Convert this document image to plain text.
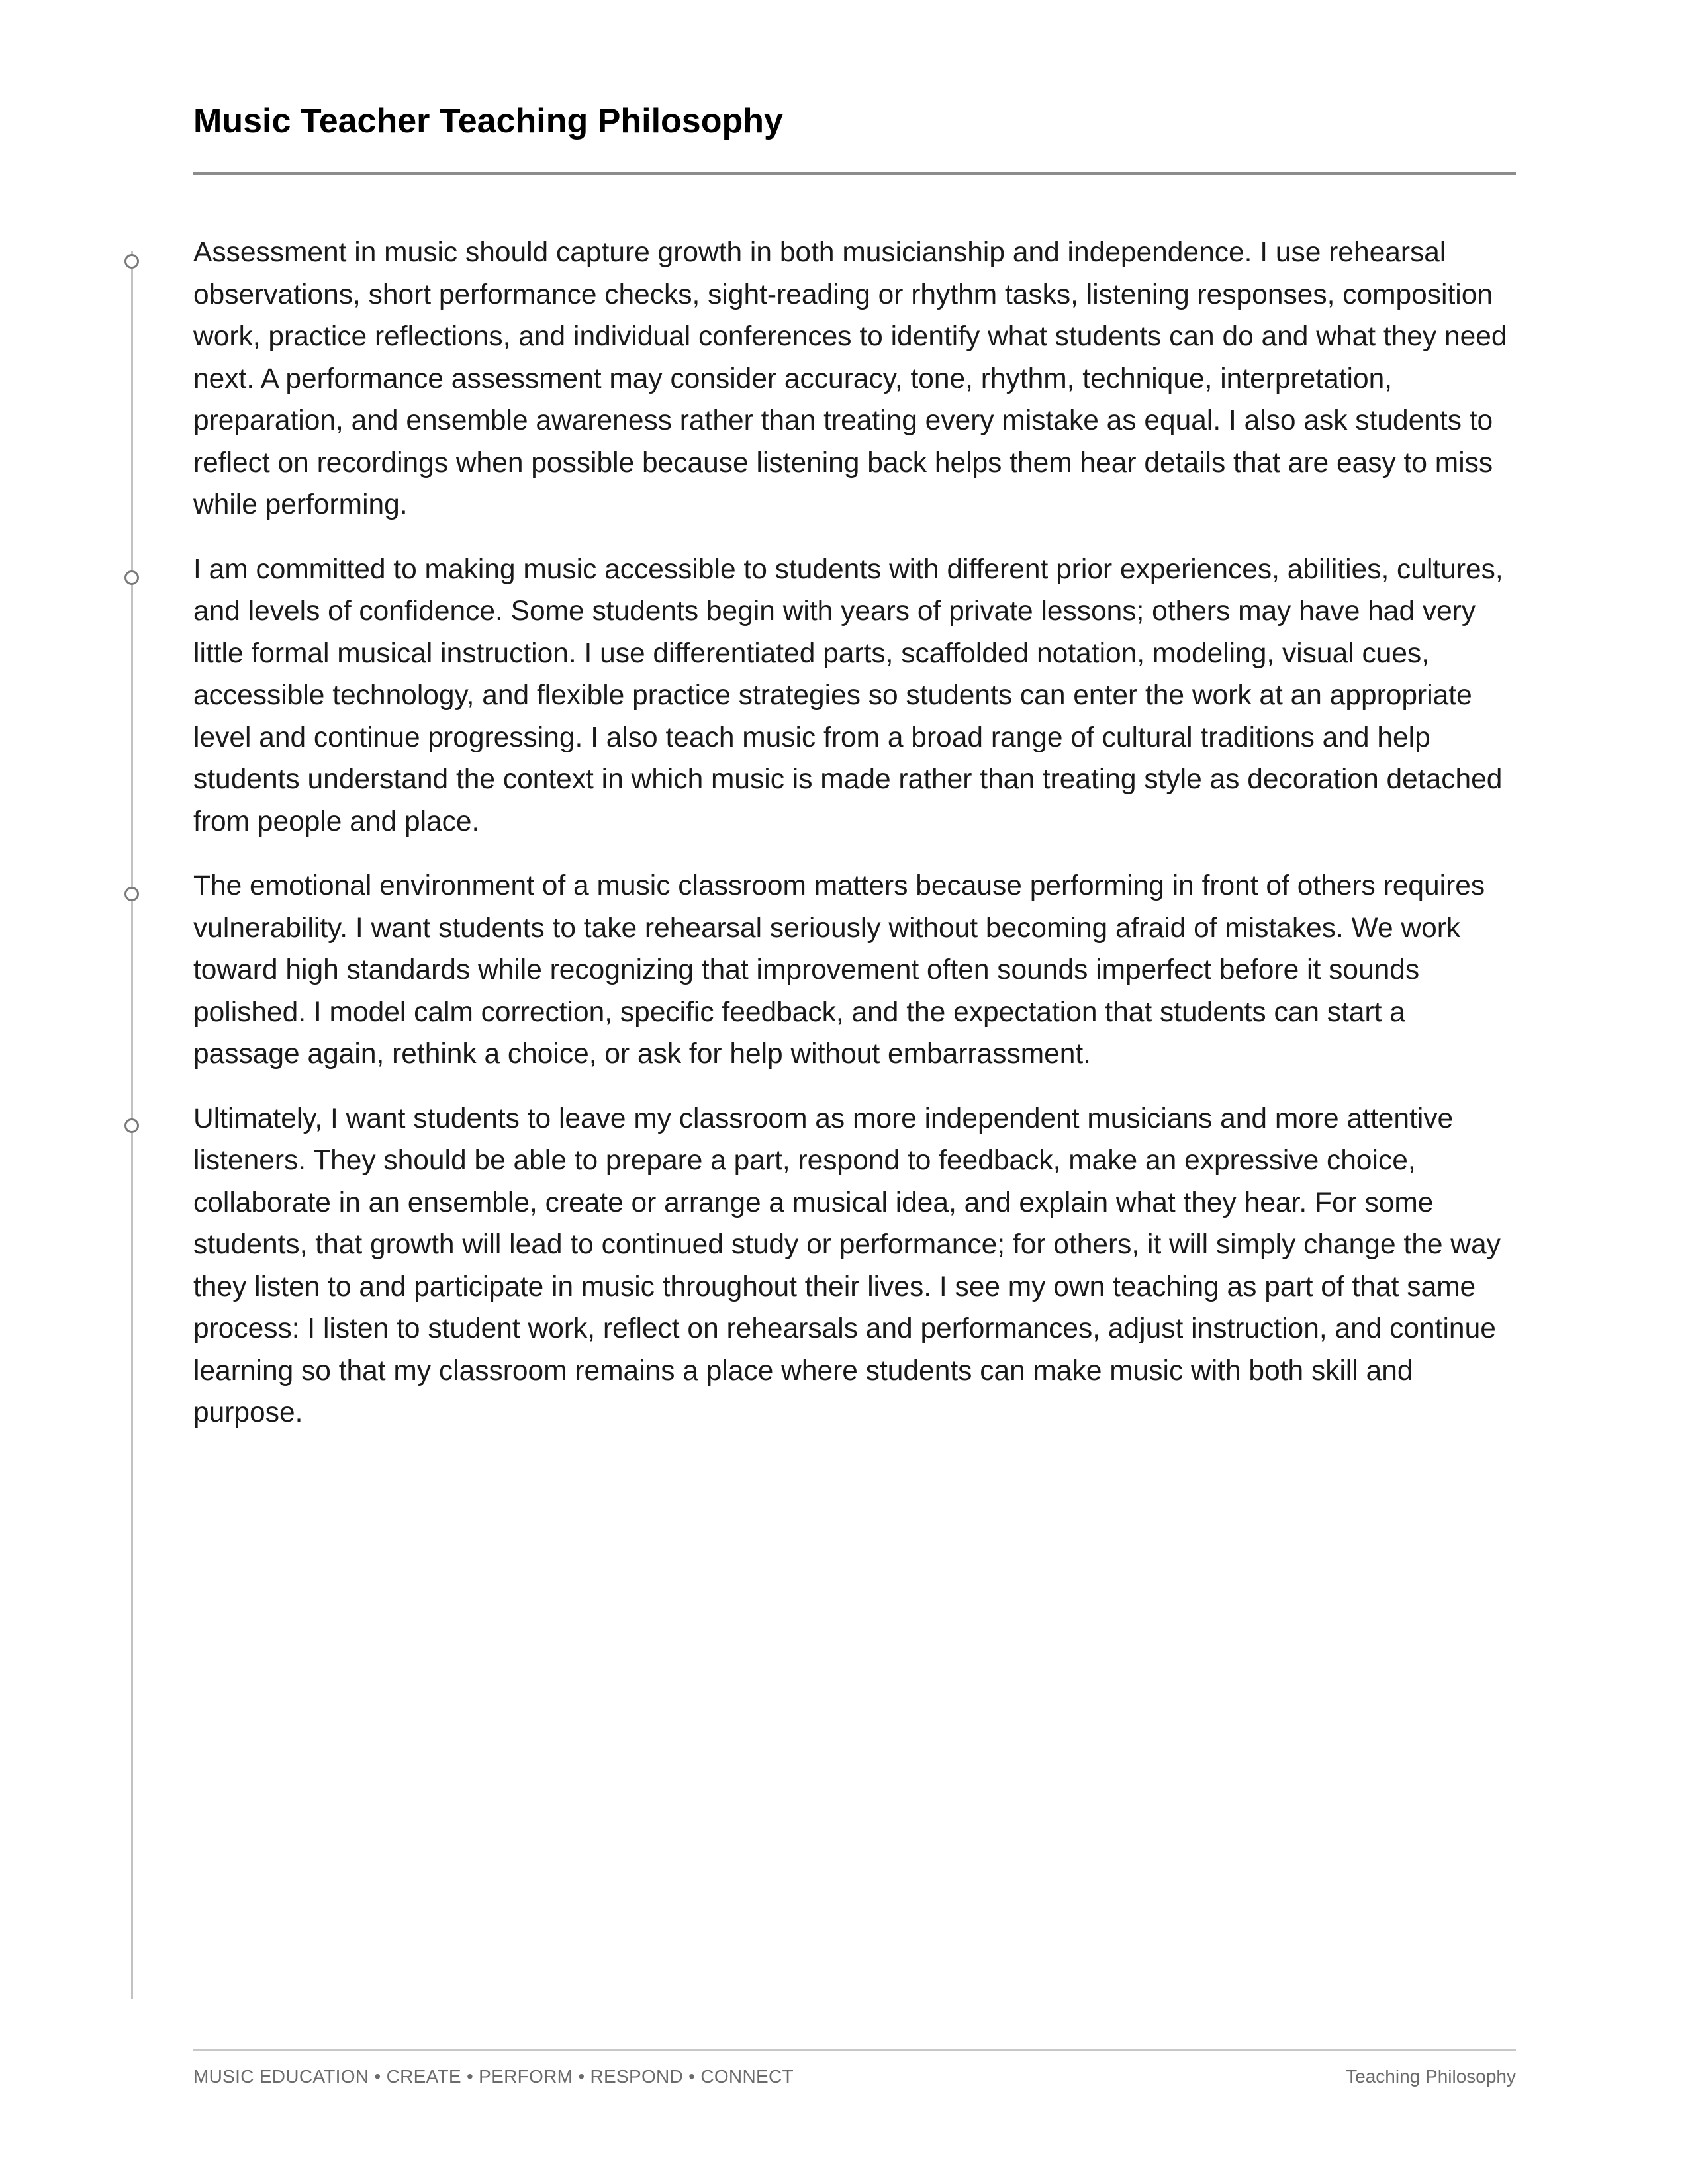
Music Teacher Teaching Philosophy

Assessment in music should capture growth in both musicianship and independence. I use rehearsal observations, short performance checks, sight-reading or rhythm tasks, listening responses, composition work, practice reflections, and individual conferences to identify what students can do and what they need next. A performance assessment may consider accuracy, tone, rhythm, technique, interpretation, preparation, and ensemble awareness rather than treating every mistake as equal. I also ask students to reflect on recordings when possible because listening back helps them hear details that are easy to miss while performing.

I am committed to making music accessible to students with different prior experiences, abilities, cultures, and levels of confidence. Some students begin with years of private lessons; others may have had very little formal musical instruction. I use differentiated parts, scaffolded notation, modeling, visual cues, accessible technology, and flexible practice strategies so students can enter the work at an appropriate level and continue progressing. I also teach music from a broad range of cultural traditions and help students understand the context in which music is made rather than treating style as decoration detached from people and place.

The emotional environment of a music classroom matters because performing in front of others requires vulnerability. I want students to take rehearsal seriously without becoming afraid of mistakes. We work toward high standards while recognizing that improvement often sounds imperfect before it sounds polished. I model calm correction, specific feedback, and the expectation that students can start a passage again, rethink a choice, or ask for help without embarrassment.

Ultimately, I want students to leave my classroom as more independent musicians and more attentive listeners. They should be able to prepare a part, respond to feedback, make an expressive choice, collaborate in an ensemble, create or arrange a musical idea, and explain what they hear. For some students, that growth will lead to continued study or performance; for others, it will simply change the way they listen to and participate in music throughout their lives. I see my own teaching as part of that same process: I listen to student work, reflect on rehearsals and performances, adjust instruction, and continue learning so that my classroom remains a place where students can make music with both skill and purpose.

MUSIC EDUCATION • CREATE • PERFORM • RESPOND • CONNECT	Teaching Philosophy
